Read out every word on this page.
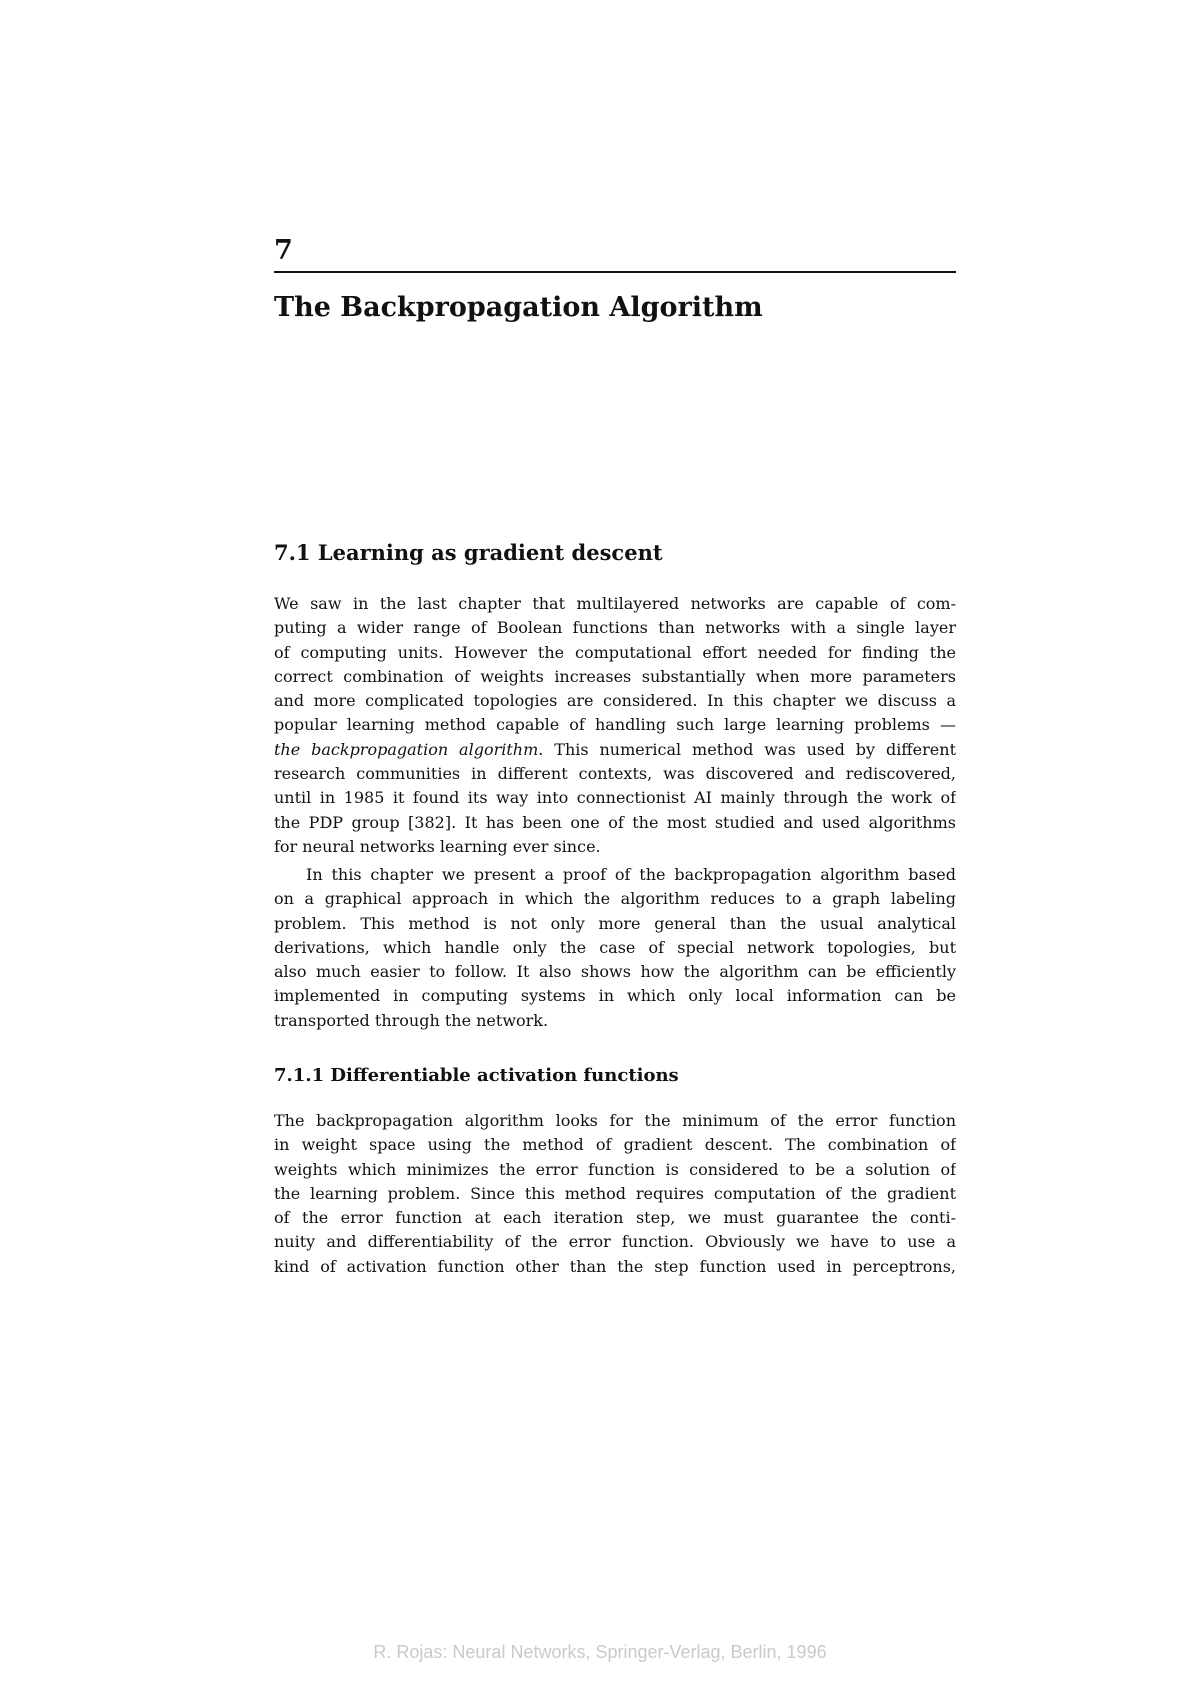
7
The Backpropagation Algorithm
7.1 Learning as gradient descent
We saw in the last chapter that multilayered networks are capable of com-
puting a wider range of Boolean functions than networks with a single layer
of computing units. However the computational effort needed for finding the
correct combination of weights increases substantially when more parameters
and more complicated topologies are considered. In this chapter we discuss a
popular learning method capable of handling such large learning problems —
the backpropagation algorithm. This numerical method was used by different
research communities in different contexts, was discovered and rediscovered,
until in 1985 it found its way into connectionist AI mainly through the work of
the PDP group [382]. It has been one of the most studied and used algorithms
for neural networks learning ever since.
In this chapter we present a proof of the backpropagation algorithm based
on a graphical approach in which the algorithm reduces to a graph labeling
problem. This method is not only more general than the usual analytical
derivations, which handle only the case of special network topologies, but
also much easier to follow. It also shows how the algorithm can be efficiently
implemented in computing systems in which only local information can be
transported through the network.
7.1.1 Differentiable activation functions
The backpropagation algorithm looks for the minimum of the error function
in weight space using the method of gradient descent. The combination of
weights which minimizes the error function is considered to be a solution of
the learning problem. Since this method requires computation of the gradient
of the error function at each iteration step, we must guarantee the conti-
nuity and differentiability of the error function. Obviously we have to use a
kind of activation function other than the step function used in perceptrons,
R. Rojas: Neural Networks, Springer-Verlag, Berlin, 1996
